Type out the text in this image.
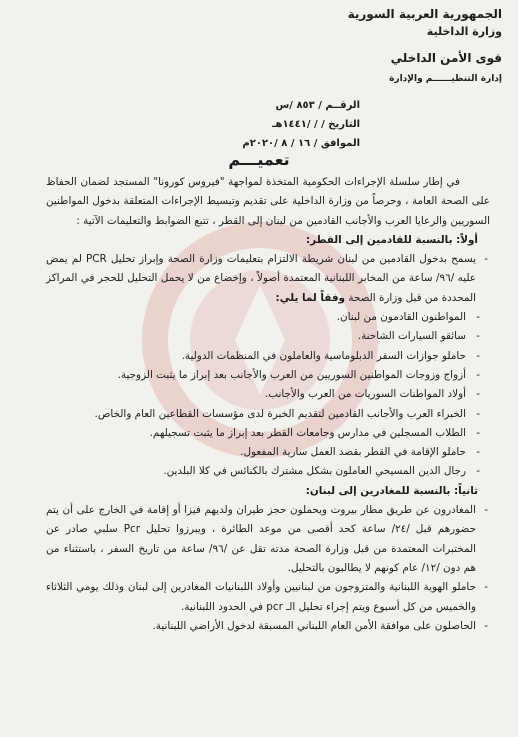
الجمهورية العربية السورية
وزارة الداخلية
قوى الأمن الداخلي
إدارة التنظيــــــم والإدارة
الرقــم / ٨٥٣ /س
التاريخ / / /١٤٤١هـ
الموافق / ١٦ / ٨ /٢٠٢٠م
تعميـــم

في إطار سلسلة الإجراءات الحكومية المتخذة لمواجهة "فيروس كورونا" المستجد لضمان الحفاظ على الصحة العامة ، وحرصاً من وزارة الداخلية على تقديم وتبسيط الإجراءات المتعلقة بدخول المواطنين السوريين والرعايا العرب والأجانب القادمين من لبنان إلى القطر ، تتبع الضوابط والتعليمات الآتية :

أولاً: بالنسبة للقادمين إلى القطر:

- يسمح بدخول القادمين من لبنان شريطة الالتزام بتعليمات وزارة الصحة وإبراز تحليل PCR لم يمض عليه /٩٦/ ساعة من المخابر اللبنانية المعتمدة أصولاً ، وإخضاع من لا يحمل التحليل للحجر في المراكز المحددة من قبل وزارة الصحة وفقاً لما يلي:

- المواطنون القادمون من لبنان.

- سائقو السيارات الشاحنة.

- حاملو جوازات السفر الدبلوماسية والعاملون في المنظمات الدولية.

- أزواج وزوجات المواطنين السوريين من العرب والأجانب بعد إبراز ما يثبت الزوجية.

- أولاد المواطنات السوريات من العرب والأجانب.

- الخبراء العرب والأجانب القادمين لتقديم الخبرة لدى مؤسسات القطاعين العام والخاص.

- الطلاب المسجلين في مدارس وجامعات القطر بعد إبراز ما يثبت تسجيلهم.

- حاملو الإقامة في القطر بقصد العمل سارية المفعول.

- رجال الدين المسيحي العاملون بشكل مشترك بالكنائس في كلا البلدين.

ثانياً: بالنسبة للمغادرين إلى لبنان:

- المغادرون عن طريق مطار بيروت ويحملون حجز طيران ولديهم فيزا أو إقامة في الخارج على أن يتم حضورهم قبل /٢٤/ ساعة كحد أقصى من موعد الطائرة ، ويبرزوا تحليل Pcr سلبي صادر عن المختبرات المعتمدة من قبل وزارة الصحة مدته تقل عن /٩٦/ ساعة من تاريخ السفر ، باستثناء من هم دون /١٢/ عام كونهم لا يطالبون بالتحليل.

- حاملو الهوية اللبنانية والمتزوجون من لبنانيين وأولاد اللبنانيات المغادرين إلى لبنان وذلك يومي الثلاثاء والخميس من كل أسبوع ويتم إجراء تحليل الـ pcr في الحدود اللبنانية.

- الحاصلون على موافقة الأمن العام اللبناني المسبقة لدخول الأراضي اللبنانية.
